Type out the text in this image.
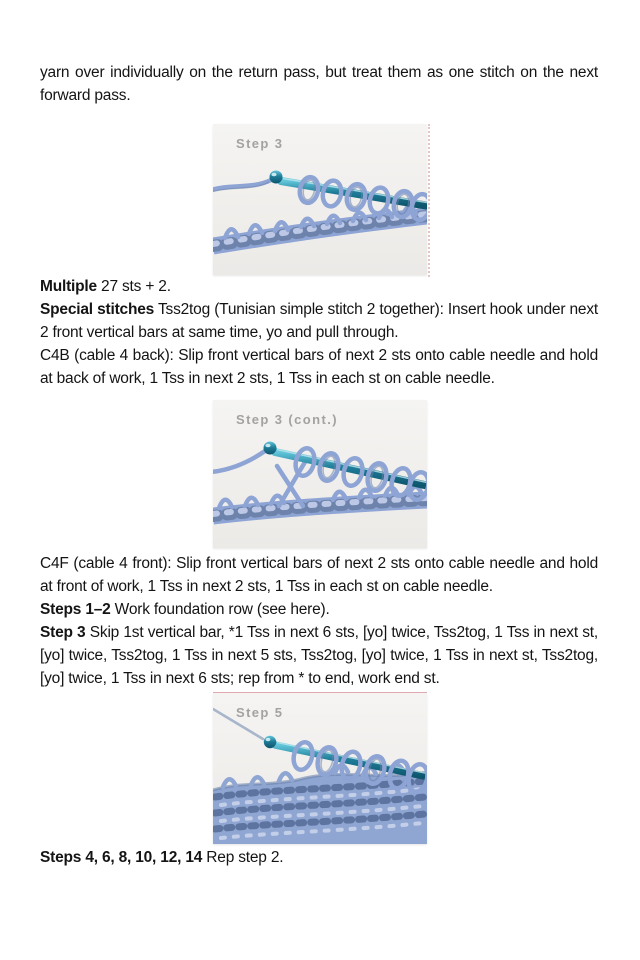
yarn over individually on the return pass, but treat them as one stitch on the next forward pass.

Step 3

Multiple 27 sts + 2.

Special stitches Tss2tog (Tunisian simple stitch 2 together): Insert hook under next 2 front vertical bars at same time, yo and pull through.

C4B (cable 4 back): Slip front vertical bars of next 2 sts onto cable needle and hold at back of work, 1 Tss in next 2 sts, 1 Tss in each st on cable needle.

Step 3 (cont.)

C4F (cable 4 front): Slip front vertical bars of next 2 sts onto cable needle and hold at front of work, 1 Tss in next 2 sts, 1 Tss in each st on cable needle.

Steps 1–2 Work foundation row (see here).

Step 3 Skip 1st vertical bar, *1 Tss in next 6 sts, [yo] twice, Tss2tog, 1 Tss in next st, [yo] twice, Tss2tog, 1 Tss in next 5 sts, Tss2tog, [yo] twice, 1 Tss in next st, Tss2tog, [yo] twice, 1 Tss in next 6 sts; rep from * to end, work end st.

Step 5

Steps 4, 6, 8, 10, 12, 14 Rep step 2.
